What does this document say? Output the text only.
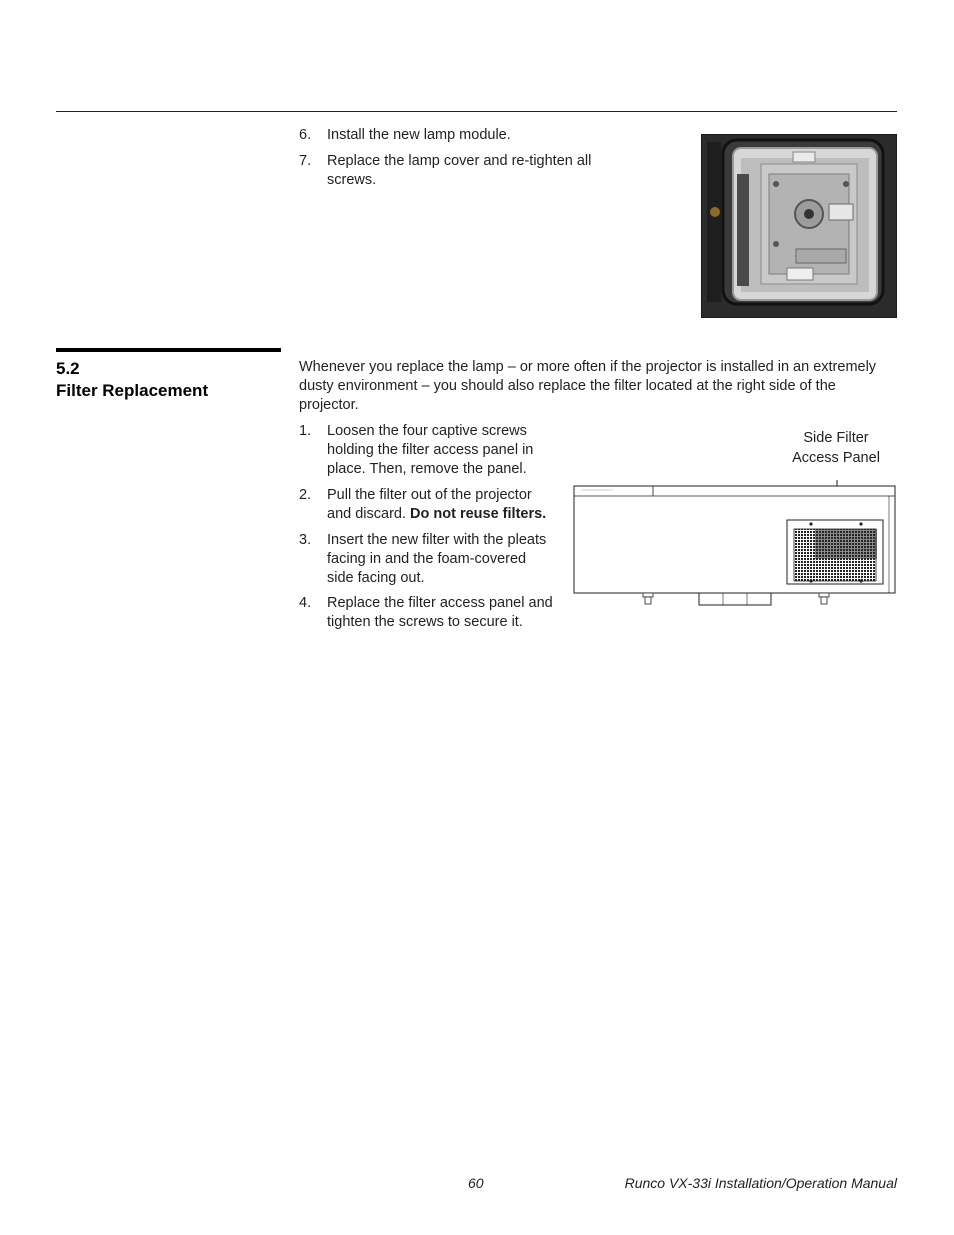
6. Install the new lamp module.
7. Replace the lamp cover and re-tighten all
screws.
5.2
Filter Replacement
Whenever you replace the lamp – or more often if the projector is installed in an extremely
dusty environment – you should also replace the filter located at the right side of the
projector.
1. Loosen the four captive screws
holding the filter access panel in
place. Then, remove the panel.
2. Pull the filter out of the projector
and discard. Do not reuse filters.
3. Insert the new filter with the pleats
facing in and the foam-covered
side facing out.
4. Replace the filter access panel and
tighten the screws to secure it.
Side Filter
Access Panel
60	Runco VX-33i Installation/Operation Manual
